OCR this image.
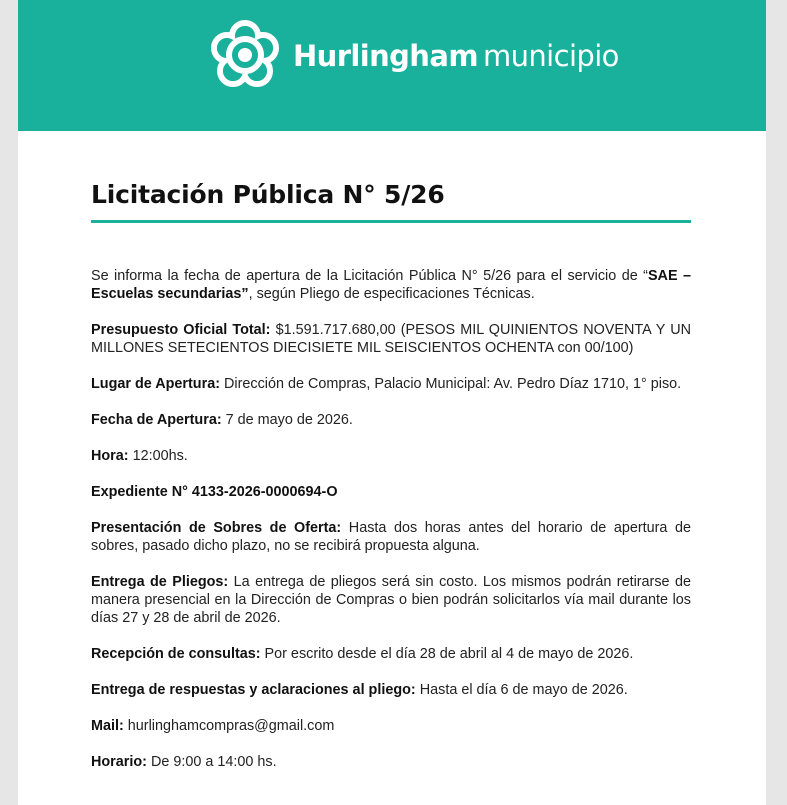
Hurlingham municipio
Licitación Pública N° 5/26

Se informa la fecha de apertura de la Licitación Pública N° 5/26 para el servicio de “SAE – Escuelas secundarias”, según Pliego de especificaciones Técnicas.

Presupuesto Oficial Total: $1.591.717.680,00 (PESOS MIL QUINIENTOS NOVENTA Y UN MILLONES SETECIENTOS DIECISIETE MIL SEISCIENTOS OCHENTA con 00/100)

Lugar de Apertura: Dirección de Compras, Palacio Municipal: Av. Pedro Díaz 1710, 1° piso.

Fecha de Apertura: 7 de mayo de 2026.

Hora: 12:00hs.

Expediente N° 4133-2026-0000694-O

Presentación de Sobres de Oferta: Hasta dos horas antes del horario de apertura de sobres, pasado dicho plazo, no se recibirá propuesta alguna.

Entrega de Pliegos: La entrega de pliegos será sin costo. Los mismos podrán retirarse de manera presencial en la Dirección de Compras o bien podrán solicitarlos vía mail durante los días 27 y 28 de abril de 2026.

Recepción de consultas: Por escrito desde el día 28 de abril al 4 de mayo de 2026.

Entrega de respuestas y aclaraciones al pliego: Hasta el día 6 de mayo de 2026.

Mail: hurlinghamcompras@gmail.com

Horario: De 9:00 a 14:00 hs.
